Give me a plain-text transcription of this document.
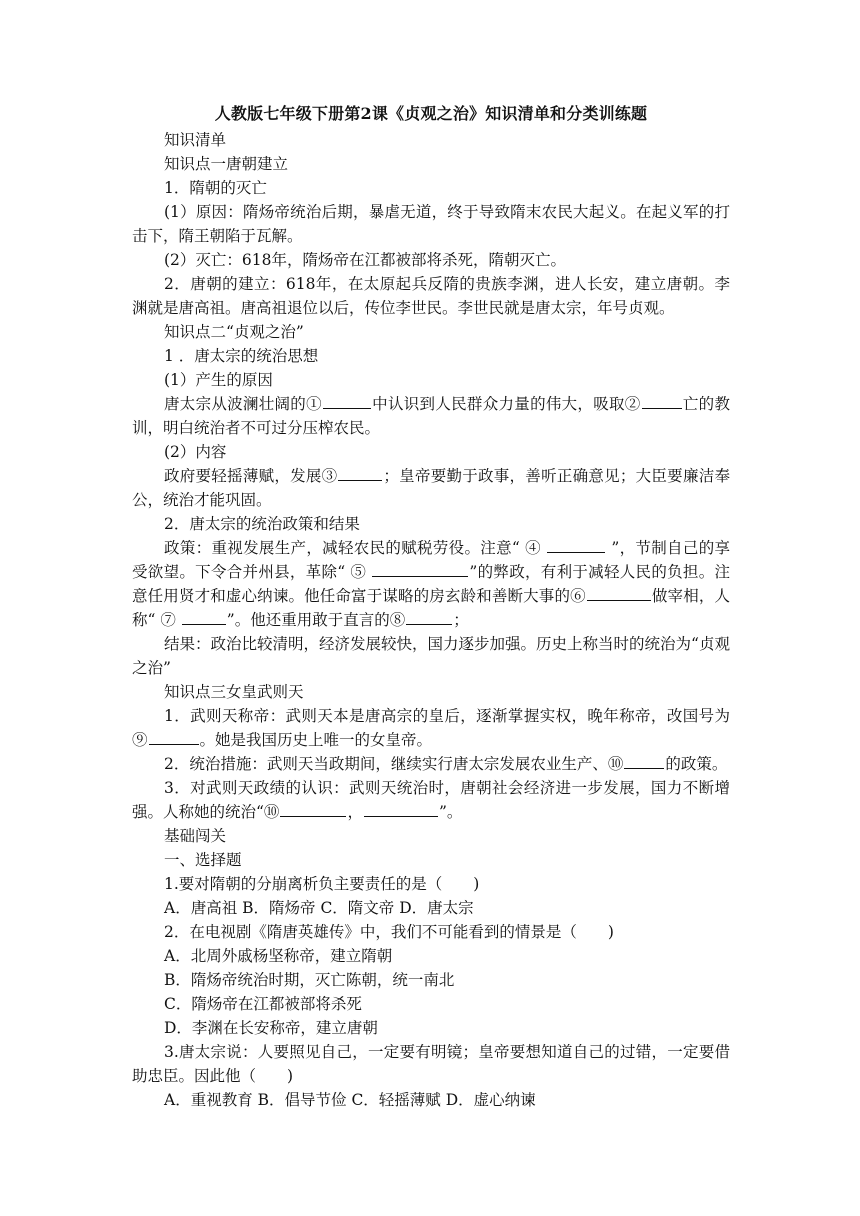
人教版七年级下册第2课《贞观之治》知识清单和分类训练题
知识清单
知识点一唐朝建立
1．隋朝的灭亡
(1）原因：隋炀帝统治后期，暴虐无道，终于导致隋末农民大起义。在起义军的打击下，隋王朝陷于瓦解。
(2）灭亡：618年，隋炀帝在江都被部将杀死，隋朝灭亡。
2．唐朝的建立：618年，在太原起兵反隋的贵族李渊，进人长安，建立唐朝。李渊就是唐高祖。唐高祖退位以后，传位李世民。李世民就是唐太宗，年号贞观。
知识点二“贞观之治”
1 ．唐太宗的统治思想
(1）产生的原因
唐太宗从波澜壮阔的①	中认识到人民群众力量的伟大，吸取②	亡的教训，明白统治者不可过分压榨农民。
(2）内容
政府要轻摇薄赋，发展③	；皇帝要勤于政事，善听正确意见；大臣要廉洁奉公，统治才能巩固。
2．唐太宗的统治政策和结果
政策：重视发展生产，减轻农民的赋税劳役。注意“ ④	”，节制自己的享受欲望。下令合并州县，革除“ ⑤	”的弊政，有利于减轻人民的负担。注意任用贤才和虚心纳谏。他任命富于谋略的房玄龄和善断大事的⑥	做宰相，人称“ ⑦	”。他还重用敢于直言的⑧	；
结果：政治比较清明，经济发展较快，国力逐步加强。历史上称当时的统治为“贞观之治”
知识点三女皇武则天
1．武则天称帝：武则天本是唐高宗的皇后，逐渐掌握实权，晚年称帝，改国号为⑨	。她是我国历史上唯一的女皇帝。
2．统治措施：武则天当政期间，继续实行唐太宗发展农业生产、⑩	的政策。
3．对武则天政绩的认识：武则天统治时，唐朝社会经济进一步发展，国力不断增强。人称她的统治“⑩	，	”。
基础闯关
一、选择题
1.要对隋朝的分崩离析负主要责任的是（　　)
A．唐高祖 B．隋炀帝 C．隋文帝 D．唐太宗
2．在电视剧《隋唐英雄传》中，我们不可能看到的情景是（　　)
A．北周外戚杨坚称帝，建立隋朝
B．隋炀帝统治时期，灭亡陈朝，统一南北
C．隋炀帝在江都被部将杀死
D．李渊在长安称帝，建立唐朝
3.唐太宗说：人要照见自己，一定要有明镜；皇帝要想知道自己的过错，一定要借助忠臣。因此他（　　)
A．重视教育 B．倡导节俭 C．轻摇薄赋 D．虚心纳谏
